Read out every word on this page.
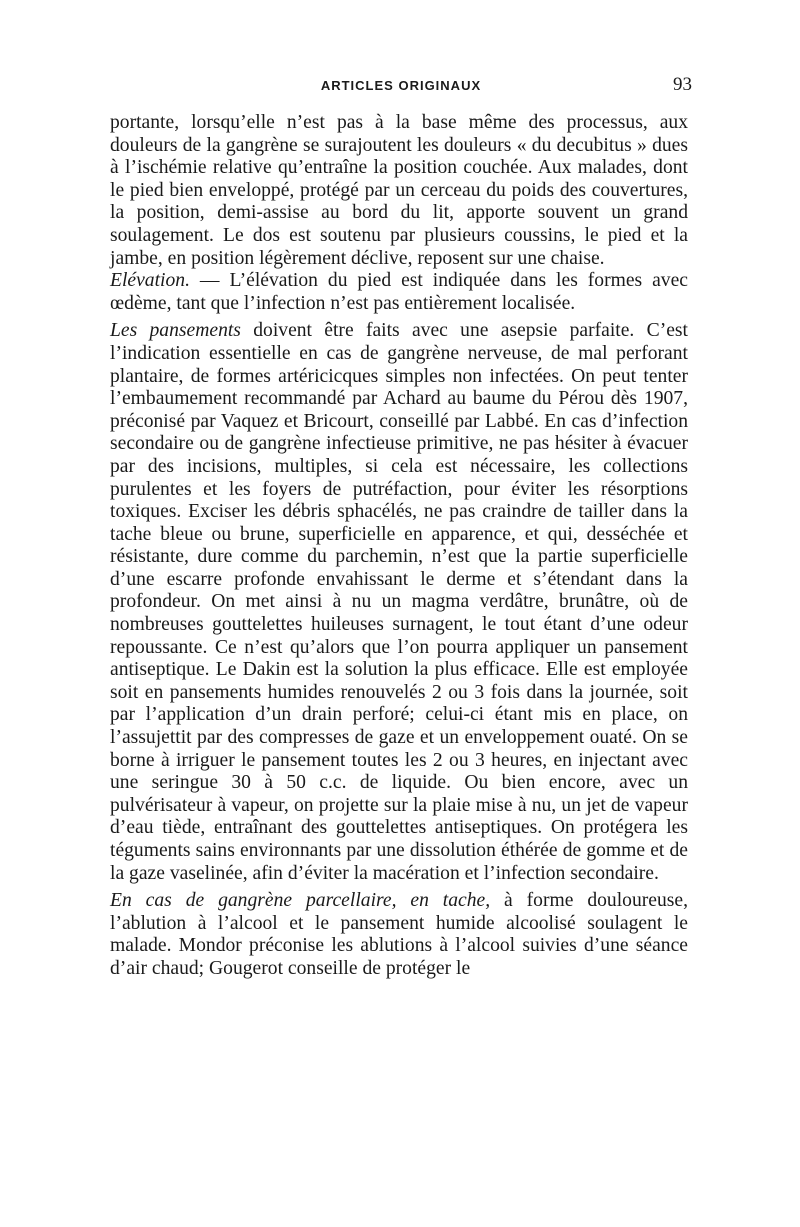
ARTICLES ORIGINAUX	93

portante, lorsqu’elle n’est pas à la base même des processus, aux douleurs de la gangrène se surajoutent les douleurs « du decubitus » dues à l’ischémie relative qu’entraîne la position couchée. Aux malades, dont le pied bien enveloppé, protégé par un cerceau du poids des couvertures, la position, demi-assise au bord du lit, apporte souvent un grand soulagement. Le dos est soutenu par plusieurs coussins, le pied et la jambe, en position légèrement déclive, reposent sur une chaise.

Elévation. — L’élévation du pied est indiquée dans les formes avec œdème, tant que l’infection n’est pas entièrement localisée.

Les pansements doivent être faits avec une asepsie parfaite. C’est l’indication essentielle en cas de gangrène nerveuse, de mal perforant plantaire, de formes artéricicques simples non infectées. On peut tenter l’embaumement recommandé par Achard au baume du Pérou dès 1907, préconisé par Vaquez et Bricourt, conseillé par Labbé. En cas d’infection secondaire ou de gangrène infectieuse primitive, ne pas hésiter à évacuer par des incisions, multiples, si cela est nécessaire, les collections purulentes et les foyers de putréfaction, pour éviter les résorptions toxiques. Exciser les débris sphacélés, ne pas craindre de tailler dans la tache bleue ou brune, superficielle en apparence, et qui, desséchée et résistante, dure comme du parchemin, n’est que la partie superficielle d’une escarre profonde envahissant le derme et s’étendant dans la profondeur. On met ainsi à nu un magma verdâtre, brunâtre, où de nombreuses gouttelettes huileuses surnagent, le tout étant d’une odeur repoussante. Ce n’est qu’alors que l’on pourra appliquer un pansement antiseptique. Le Dakin est la solution la plus efficace. Elle est employée soit en pansements humides renouvelés 2 ou 3 fois dans la journée, soit par l’application d’un drain perforé; celui-ci étant mis en place, on l’assujettit par des compresses de gaze et un enveloppement ouaté. On se borne à irriguer le pansement toutes les 2 ou 3 heures, en injectant avec une seringue 30 à 50 c.c. de liquide. Ou bien encore, avec un pulvérisateur à vapeur, on projette sur la plaie mise à nu, un jet de vapeur d’eau tiède, entraînant des gouttelettes antiseptiques. On protégera les téguments sains environnants par une dissolution éthérée de gomme et de la gaze vaselinée, afin d’éviter la macération et l’infection secondaire.

En cas de gangrène parcellaire, en tache, à forme douloureuse, l’ablution à l’alcool et le pansement humide alcoolisé soulagent le malade. Mondor préconise les ablutions à l’alcool suivies d’une séance d’air chaud; Gougerot conseille de protéger le
